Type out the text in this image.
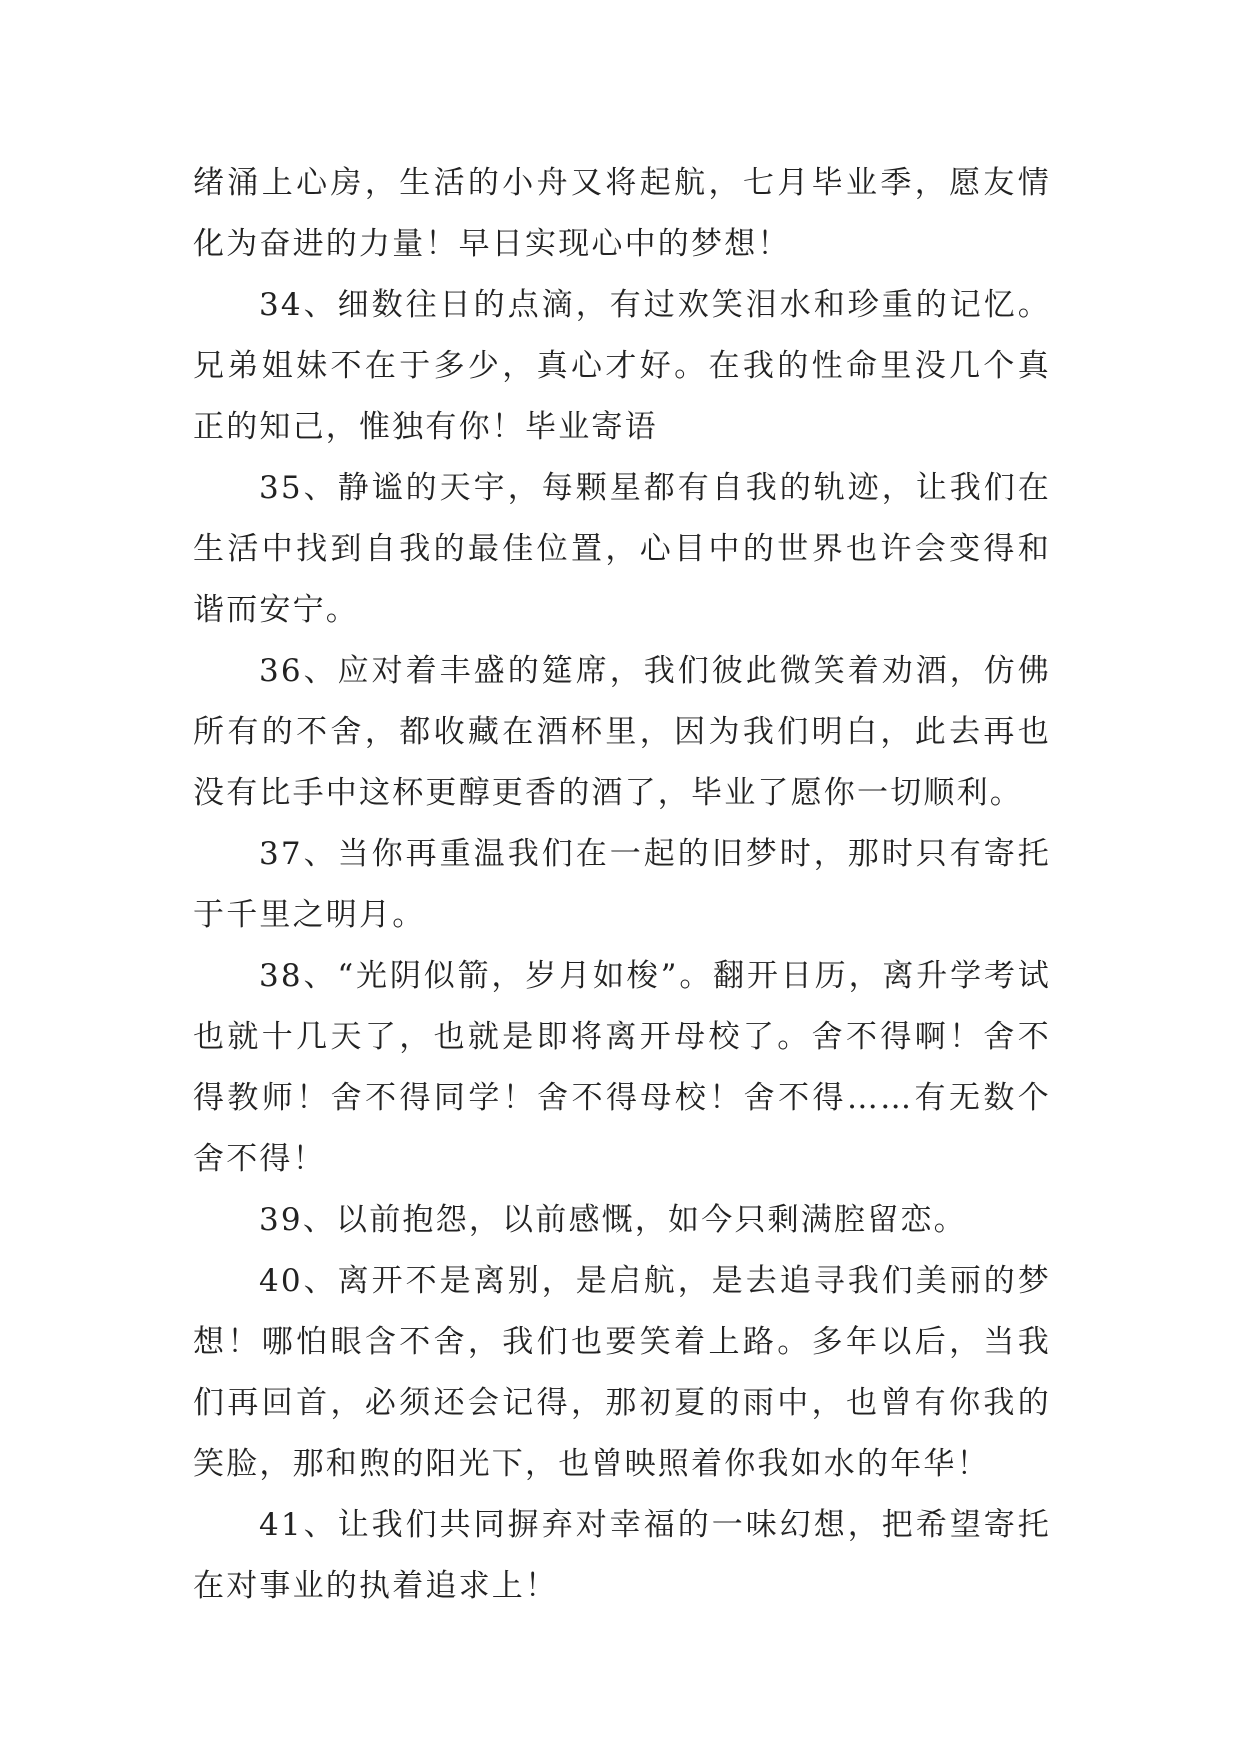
绪涌上心房，生活的小舟又将起航，七月毕业季，愿友情化为奋进的力量！早日实现心中的梦想！

34、细数往日的点滴，有过欢笑泪水和珍重的记忆。兄弟姐妹不在于多少，真心才好。在我的性命里没几个真正的知己，惟独有你！毕业寄语

35、静谧的天宇，每颗星都有自我的轨迹，让我们在生活中找到自我的最佳位置，心目中的世界也许会变得和谐而安宁。

36、应对着丰盛的筵席，我们彼此微笑着劝酒，仿佛所有的不舍，都收藏在酒杯里，因为我们明白，此去再也没有比手中这杯更醇更香的酒了，毕业了愿你一切顺利。

37、当你再重温我们在一起的旧梦时，那时只有寄托于千里之明月。

38、“光阴似箭，岁月如梭”。翻开日历，离升学考试也就十几天了，也就是即将离开母校了。舍不得啊！舍不得教师！舍不得同学！舍不得母校！舍不得……有无数个舍不得！

39、以前抱怨，以前感慨，如今只剩满腔留恋。

40、离开不是离别，是启航，是去追寻我们美丽的梦想！哪怕眼含不舍，我们也要笑着上路。多年以后，当我们再回首，必须还会记得，那初夏的雨中，也曾有你我的笑脸，那和煦的阳光下，也曾映照着你我如水的年华！

41、让我们共同摒弃对幸福的一味幻想，把希望寄托在对事业的执着追求上！
